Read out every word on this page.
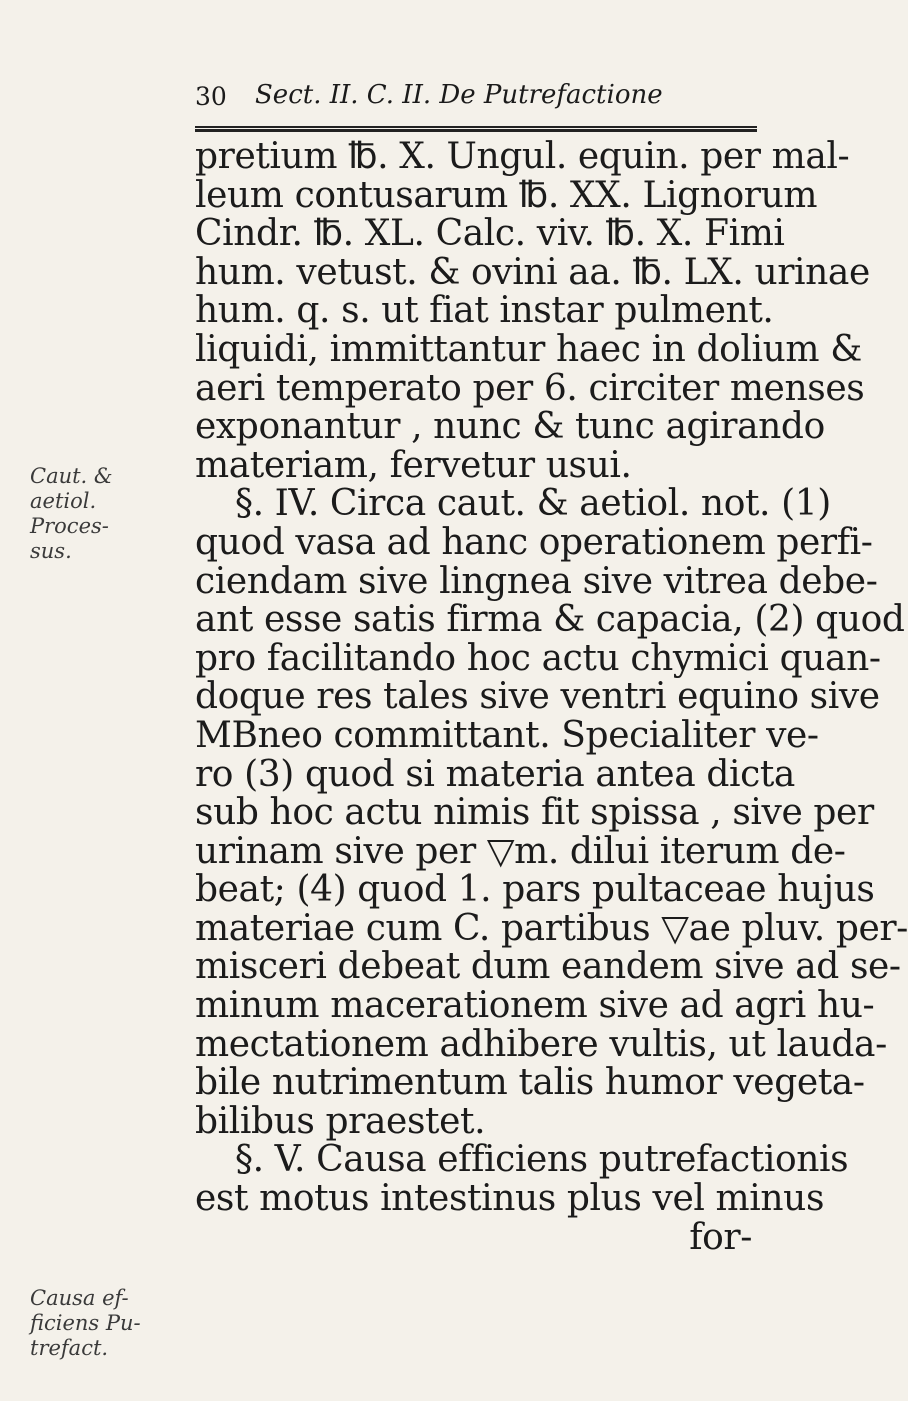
30 Sect. II. C. II. De Putrefactione
Caut. &
aetiol.
Proces-
sus.
Causa ef-
ficiens Pu-
trefact.
pretium ℔. X. Ungul. equin. per mal-
leum contusarum ℔. XX. Lignorum
Cindr. ℔. XL. Calc. viv. ℔. X. Fimi
hum. vetust. & ovini aa. ℔. LX. urinae
hum. q. s. ut fiat instar pulment.
liquidi, immittantur haec in dolium &
aeri temperato per 6. circiter menses
exponantur , nunc & tunc agirando
materiam, fervetur usui.
§. IV. Circa caut. & aetiol. not. (1)
quod vasa ad hanc operationem perfi-
ciendam sive lingnea sive vitrea debe-
ant esse satis firma & capacia, (2) quod
pro facilitando hoc actu chymici quan-
doque res tales sive ventri equino sive
MBneo committant. Specialiter ve-
ro (3) quod si materia antea dicta
sub hoc actu nimis fit spissa , sive per
urinam sive per ▽m. dilui iterum de-
beat; (4) quod 1. pars pultaceae hujus
materiae cum C. partibus ▽ae pluv. per-
misceri debeat dum eandem sive ad se-
minum macerationem sive ad agri hu-
mectationem adhibere vultis, ut lauda-
bile nutrimentum talis humor vegeta-
bilibus praestet.
§. V. Causa efficiens putrefactionis
est motus intestinus plus vel minus
for-
